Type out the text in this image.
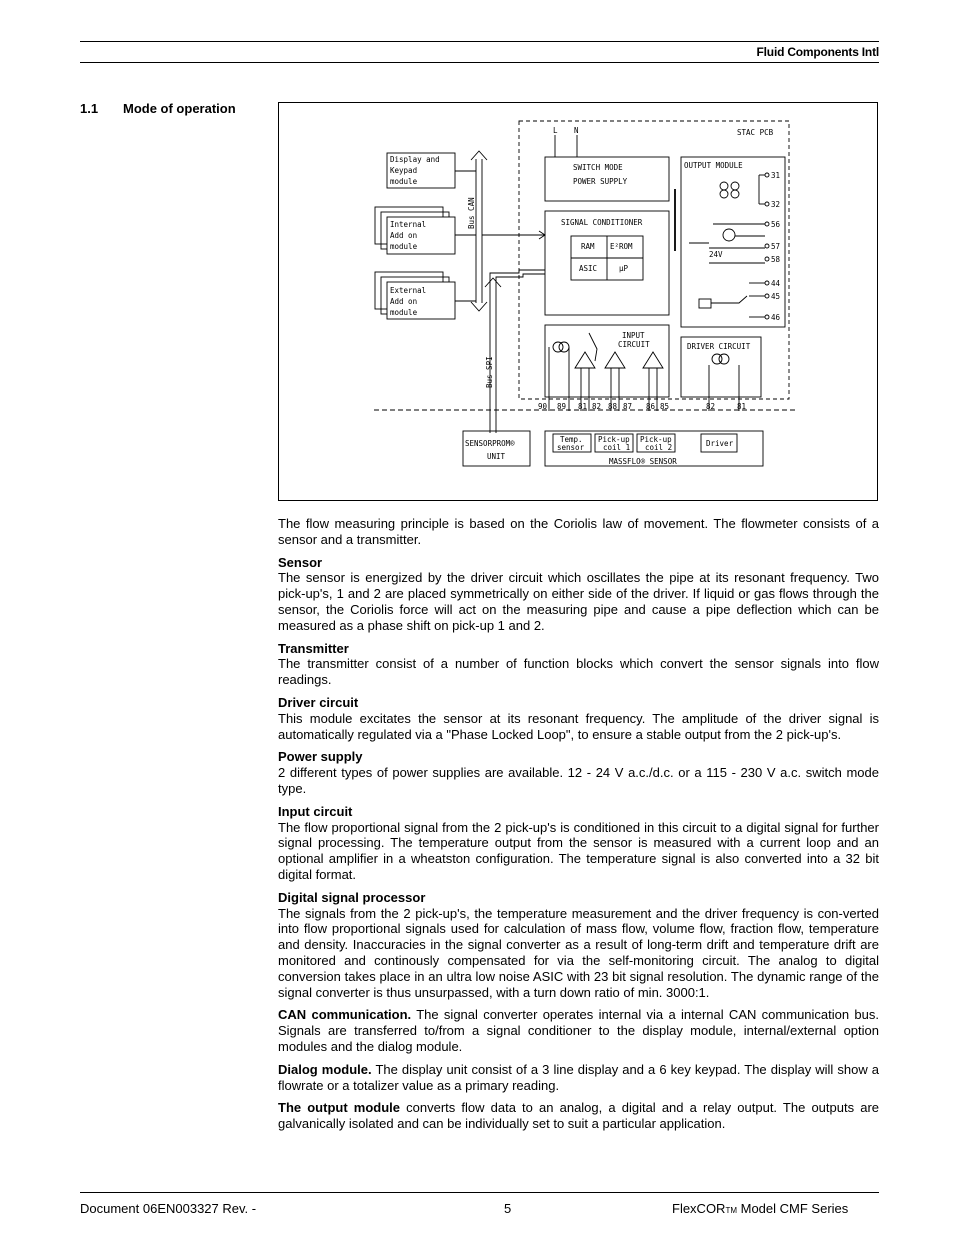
Fluid Components Intl
1.1 Mode of operation
L N	STAC PCB
Display and
Keypad
module
Bus CAN
Internal
Add on
module
External
Add on
module
SWITCH MODE
POWER SUPPLY
OUTPUT MODULE
SIGNAL CONDITIONER
RAM E²ROM
ASIC	μP
INPUT
CIRCUIT	DRIVER CIRCUIT
24V
Bus SPI
SENSORPROM®
UNIT
Temp.
sensor
Pick-up
coil 1
Pick-up
coil 2	Driver
MASSFLO® SENSOR
31
32
56
57
58
44
45
46
90 89 81 82 88 87 86 85	82	81

The flow measuring principle is based on the Coriolis law of movement. The flowmeter consists of a sensor and a transmitter.

Sensor
The sensor is energized by the driver circuit which oscillates the pipe at its resonant frequency. Two pick-up's, 1 and 2 are placed symmetrically on either side of the driver. If liquid or gas flows through the sensor, the Coriolis force will act on the measuring pipe and cause a pipe deflection which can be measured as a phase shift on pick-up 1 and 2.

Transmitter
The transmitter consist of a number of function blocks which convert the sensor signals into flow readings.

Driver circuit
This module excitates the sensor at its resonant frequency. The amplitude of the driver signal is automatically regulated via a "Phase Locked Loop", to ensure a stable output from the 2 pick-up's.

Power supply
2 different types of power supplies are available. 12 - 24 V a.c./d.c. or a 115 - 230 V a.c. switch mode type.

Input circuit
The flow proportional signal from the 2 pick-up's is conditioned in this circuit to a digital signal for further signal processing. The temperature output from the sensor is measured with a current loop and an optional amplifier in a wheatston configuration. The temperature signal is also converted into a 32 bit digital format.

Digital signal processor
The signals from the 2 pick-up's, the temperature measurement and the driver frequency is con-verted into flow proportional signals used for calculation of mass flow, volume flow, fraction flow, temperature and density. Inaccuracies in the signal converter as a result of long-term drift and temperature drift are monitored and continously compensated for via the self-monitoring circuit. The analog to digital conversion takes place in an ultra low noise ASIC with 23 bit signal resolution. The dynamic range of the signal converter is thus unsurpassed, with a turn down ratio of min. 3000:1.

CAN communication. The signal converter operates internal via a internal CAN communication bus. Signals are transferred to/from a signal conditioner to the display module, internal/external option modules and the dialog module.

Dialog module. The display unit consist of a 3 line display and a 6 key keypad. The display will show a flowrate or a totalizer value as a primary reading.

The output module converts flow data to an analog, a digital and a relay output. The outputs are galvanically isolated and can be individually set to suit a particular application.

Document 06EN003327 Rev. -	5	FlexCORTM Model CMF Series
